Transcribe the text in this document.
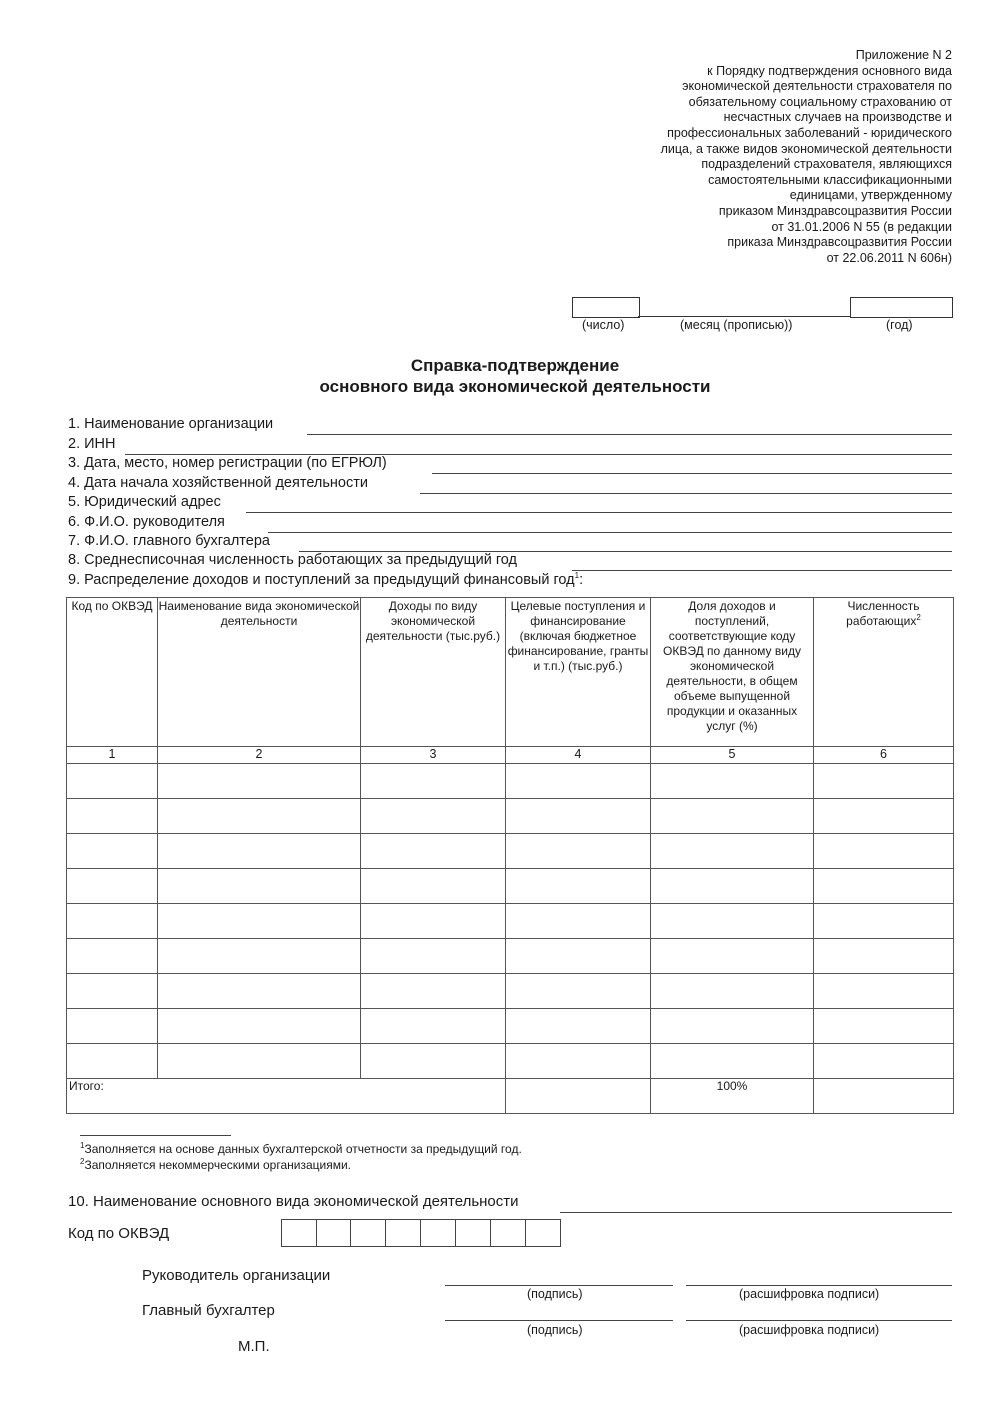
Приложение N 2
к Порядку подтверждения основного вида
экономической деятельности страхователя по
обязательному социальному страхованию от
несчастных случаев на производстве и
профессиональных заболеваний - юридического
лица, а также видов экономической деятельности
подразделений страхователя, являющихся
самостоятельными классификационными
единицами, утвержденному
приказом Минздравсоцразвития России
от 31.01.2006 N 55 (в редакции
приказа Минздравсоцразвития России
от 22.06.2011 N 606н)
(число)	(месяц (прописью))	(год)
Справка-подтверждение
основного вида экономической деятельности
1. Наименование организации
2. ИНН
3. Дата, место, номер регистрации (по ЕГРЮЛ)
4. Дата начала хозяйственной деятельности
5. Юридический адрес
6. Ф.И.О. руководителя
7. Ф.И.О. главного бухгалтера
8. Среднесписочная численность работающих за предыдущий год
9. Распределение доходов и поступлений за предыдущий финансовый год$^1$:
Код по ОКВЭД	Наименование вида экономической деятельности	Доходы по виду экономической деятельности (тыс.руб.)	Целевые поступления и финансирование (включая бюджетное финансирование, гранты и т.п.) (тыс.руб.)	Доля доходов и поступлений, соответствующие коду ОКВЭД по данному виду экономической деятельности, в общем объеме выпущенной продукции и оказанных услуг (%)	Численность работающих$^2$
1	2	3	4	5	6

Итого:				100%	
$^1$Заполняется на основе данных бухгалтерской отчетности за предыдущий год.
$^2$Заполняется некоммерческими организациями.
10. Наименование основного вида экономической деятельности
Код по ОКВЭД
Руководитель организации
(подпись)	(расшифровка подписи)
Главный бухгалтер
(подпись)	(расшифровка подписи)
М.П.
